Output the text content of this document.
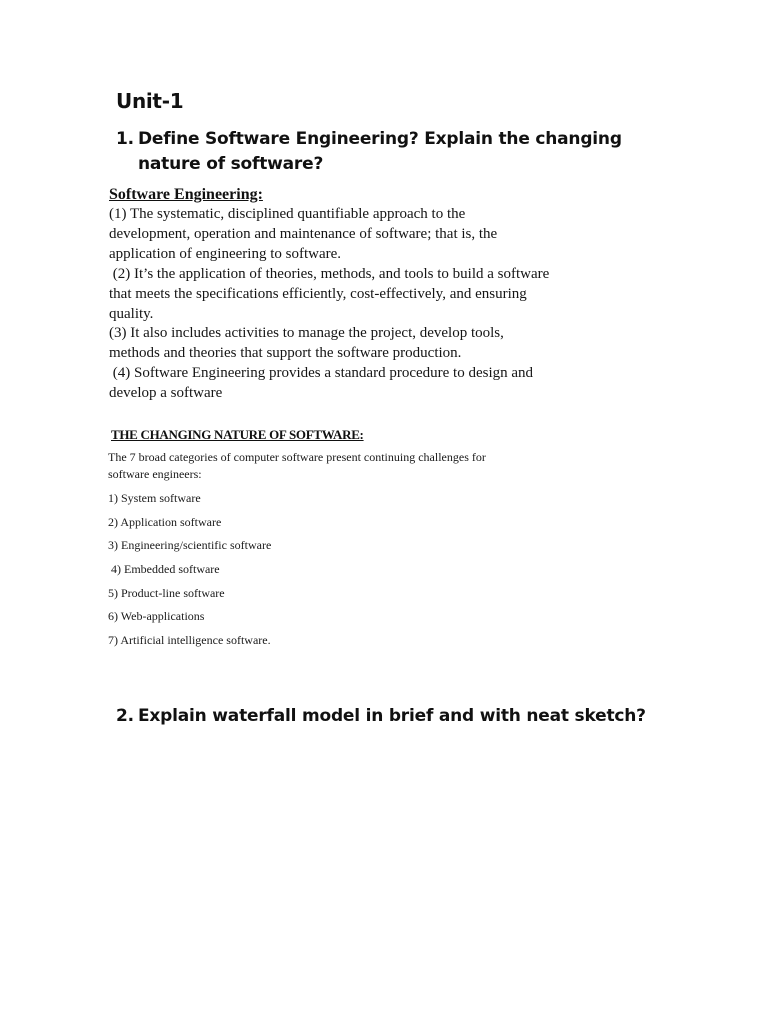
Unit-1
1. Define Software Engineering? Explain the changing nature of software?
Software Engineering:

(1) The systematic, disciplined quantifiable approach to the
development, operation and maintenance of software; that is, the
application of engineering to software.
(2) It’s the application of theories, methods, and tools to build a software
that meets the specifications efficiently, cost-effectively, and ensuring
quality.
(3) It also includes activities to manage the project, develop tools,
methods and theories that support the software production.
(4) Software Engineering provides a standard procedure to design and
develop a software

THE CHANGING NATURE OF SOFTWARE:

The 7 broad categories of computer software present continuing challenges for
software engineers:

1) System software
2) Application software
3) Engineering/scientific software
4) Embedded software
5) Product-line software
6) Web-applications
7) Artificial intelligence software.
2. Explain waterfall model in brief and with neat sketch?
